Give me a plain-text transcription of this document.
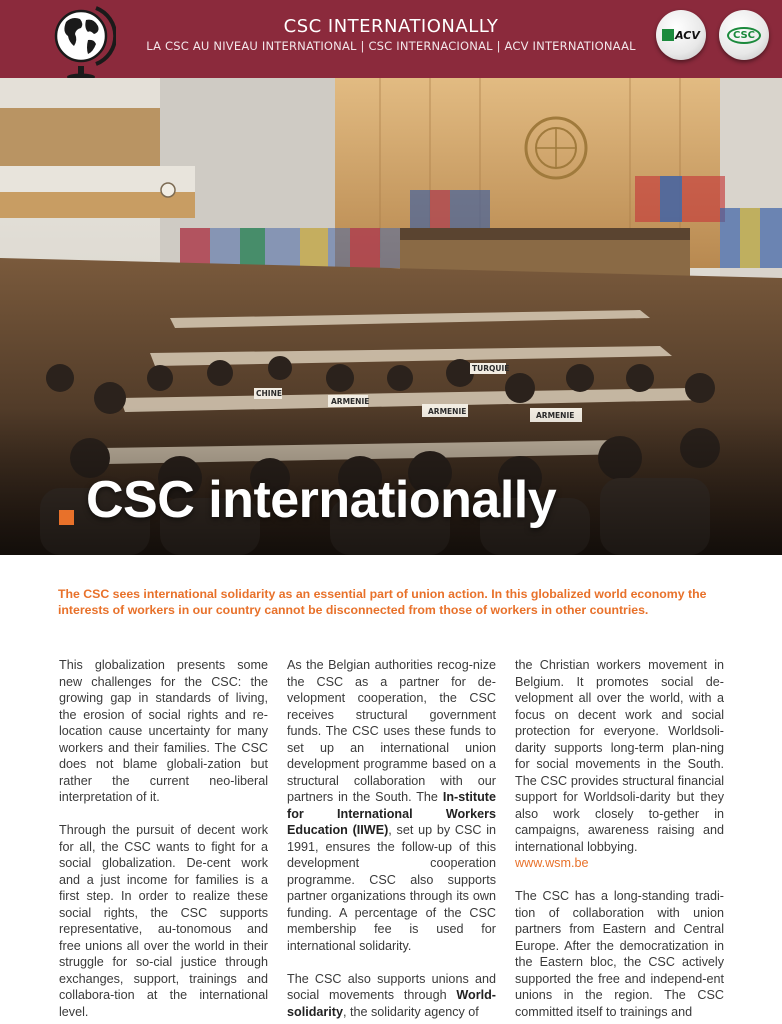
CSC INTERNATIONALLY
LA CSC AU NIVEAU INTERNATIONAL | CSC INTERNACIONAL | ACV INTERNATIONAAL
ACV	CSC
ARMENIE
TURQUIE
CHINE
CSC internationally
The CSC sees international solidarity as an essential part of union action. In this globalized world economy the interests of workers in our country cannot be disconnected from those of workers in other countries.

This globalization presents some new challenges for the CSC: the growing gap in standards of living, the erosion of social rights and re-location cause uncertainty for many workers and their families. The CSC does not blame globali-zation but rather the current neo-liberal interpretation of it.

Through the pursuit of decent work for all, the CSC wants to fight for a social globalization. De-cent work and a just income for families is a first step. In order to realize these social rights, the CSC supports representative, au-tonomous and free unions all over the world in their struggle for so-cial justice through exchanges, support, trainings and collabora-tion at the international level.

As the Belgian authorities recog-nize the CSC as a partner for de-velopment cooperation, the CSC receives structural government funds. The CSC uses these funds to set up an international union development programme based on a structural collaboration with our partners in the South. The In-stitute for International Workers Education (IIWE), set up by CSC in 1991, ensures the follow-up of this development cooperation programme. CSC also supports partner organizations through its own funding. A percentage of the CSC membership fee is used for international solidarity.

The CSC also supports unions and social movements through World-solidarity, the solidarity agency of

the Christian workers movement in Belgium. It promotes social de-velopment all over the world, with a focus on decent work and social protection for everyone. Worldsoli-darity supports long-term plan-ning for social movements in the South. The CSC provides structural financial support for Worldsoli-darity but they also work closely to-gether in campaigns, awareness raising and international lobbying.
www.wsm.be

The CSC has a long-standing tradi-tion of collaboration with union partners from Eastern and Central Europe. After the democratization in the Eastern bloc, the CSC actively supported the free and independ-ent unions in the region. The CSC committed itself to trainings and
